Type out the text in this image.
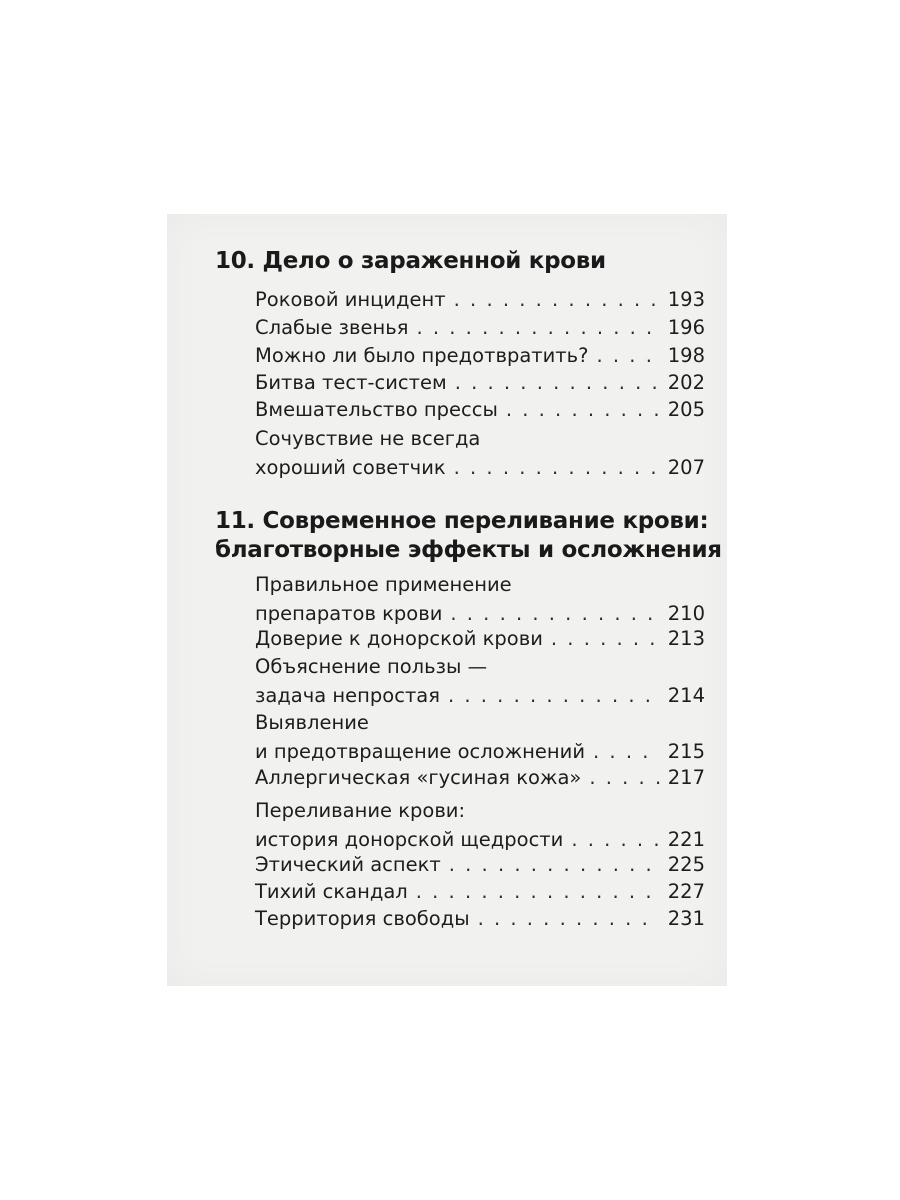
10. Дело о зараженной крови
Роковой инцидент . . .	193
Слабые звенья . . .	196
Можно ли было предотвратить? . . .	198
Битва тест-систем . . .	202
Вмешательство прессы . . .	205
Сочувствие не всегда
хороший советчик . . .	207
11. Современное переливание крови:
благотворные эффекты и осложнения
Правильное применение
препаратов крови . . .	210
Доверие к донорской крови . . .	213
Объяснение пользы —
задача непростая . . .	214
Выявление
и предотвращение осложнений . . .	215
Аллергическая «гусиная кожа» . . .	217
Переливание крови:
история донорской щедрости . . .	221
Этический аспект . . .	225
Тихий скандал . . .	227
Территория свободы . . .	231
